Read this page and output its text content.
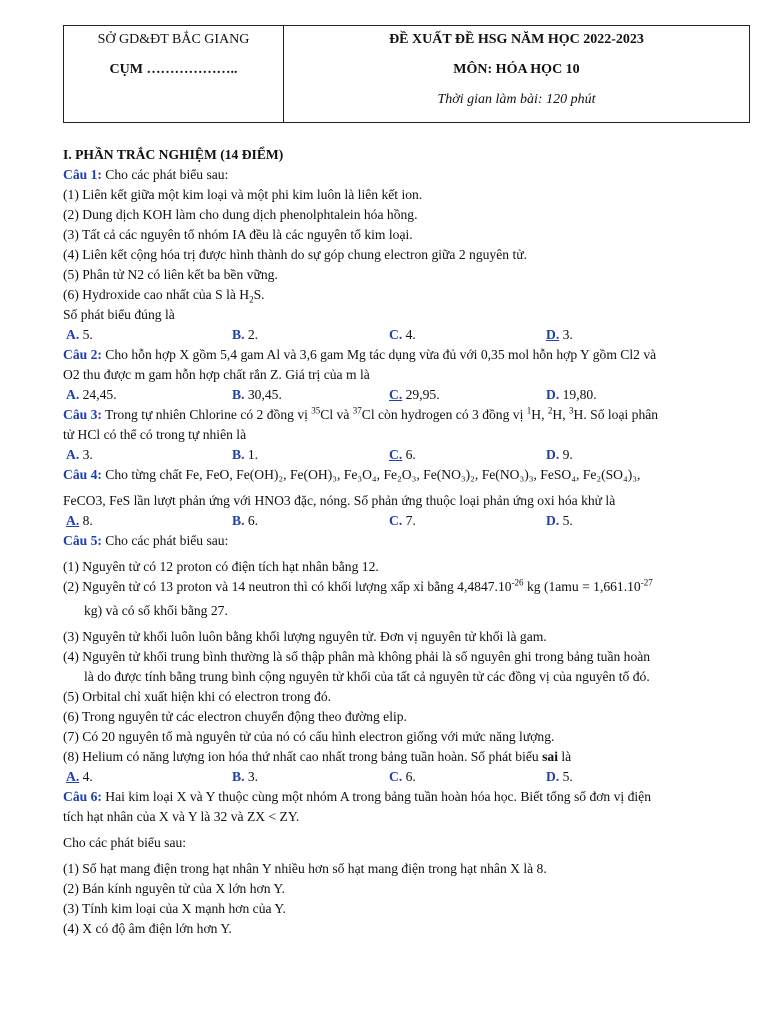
SỞ GD&ĐT BẮC GIANG
CỤM ………………..

ĐỀ XUẤT ĐỀ HSG NĂM HỌC 2022-2023
MÔN: HÓA HỌC 10
Thời gian làm bài: 120 phút
I. PHẦN TRẮC NGHIỆM (14 ĐIỂM)
Câu 1: Cho các phát biểu sau:
(1) Liên kết giữa một kim loại và một phi kim luôn là liên kết ion.
(2) Dung dịch KOH làm cho dung dịch phenolphtalein hóa hồng.
(3) Tất cả các nguyên tố nhóm IA đều là các nguyên tố kim loại.
(4) Liên kết cộng hóa trị được hình thành do sự góp chung electron giữa 2 nguyên tử.
(5) Phân tử N2 có liên kết ba bền vững.
(6) Hydroxide cao nhất của S là $H_2S$.
Số phát biểu đúng là
A. 5.	B. 2.	C. 4.	D. 3.
Câu 2: Cho hỗn hợp X gồm 5,4 gam Al và 3,6 gam Mg tác dụng vừa đủ với 0,35 mol hỗn hợp Y gồm Cl2 và
O2 thu được m gam hỗn hợp chất rắn Z. Giá trị của m là
A. 24,45.	B. 30,45.	C. 29,95.	D. 19,80.
Câu 3: Trong tự nhiên Chlorine có 2 đồng vị $^{35}$Cl và $^{37}$Cl còn hydrogen có 3 đồng vị $^1$H, $^2$H, $^3$H. Số loại phân
tử HCl có thể có trong tự nhiên là
A. 3.	B. 1.	C. 6.	D. 9.
Câu 4: Cho từng chất Fe, FeO, Fe(OH)₂, Fe(OH)₃, Fe₃O₄, Fe₂O₃, Fe(NO₃)₂, Fe(NO₃)₃, FeSO₄, Fe₂(SO₄)₃,
FeCO3, FeS lần lượt phản ứng với HNO3 đặc, nóng. Số phản ứng thuộc loại phản ứng oxi hóa khử là
A. 8.	B. 6.	C. 7.	D. 5.
Câu 5: Cho các phát biểu sau:
(1) Nguyên tử có 12 proton có điện tích hạt nhân bằng 12.
(2) Nguyên tử có 13 proton và 14 neutron thì có khối lượng xấp xỉ bằng $4,4847.10^{-26}$ kg ($1amu = 1,661.10^{-27}$
kg) và có số khối bằng 27.
(3) Nguyên tử khối luôn luôn bằng khối lượng nguyên tử. Đơn vị nguyên tử khối là gam.
(4) Nguyên tử khối trung bình thường là số thập phân mà không phải là số nguyên ghi trong bảng tuần hoàn
là do được tính bằng trung bình cộng nguyên tử khối của tất cả nguyên tử các đồng vị của nguyên tố đó.
(5) Orbital chỉ xuất hiện khi có electron trong đó.
(6) Trong nguyên tử các electron chuyển động theo đường elip.
(7) Có 20 nguyên tố mà nguyên tử của nó có cấu hình electron giống với mức năng lượng.
(8) Helium có năng lượng ion hóa thứ nhất cao nhất trong bảng tuần hoàn. Số phát biểu sai là
A. 4.	B. 3.	C. 6.	D. 5.
Câu 6: Hai kim loại X và Y thuộc cùng một nhóm A trong bảng tuần hoàn hóa học. Biết tổng số đơn vị điện
tích hạt nhân của X và Y là 32 và ZX < ZY.
Cho các phát biểu sau:
(1) Số hạt mang điện trong hạt nhân Y nhiều hơn số hạt mang điện trong hạt nhân X là 8.
(2) Bán kính nguyên tử của X lớn hơn Y.
(3) Tính kim loại của X mạnh hơn của Y.
(4) X có độ âm điện lớn hơn Y.
